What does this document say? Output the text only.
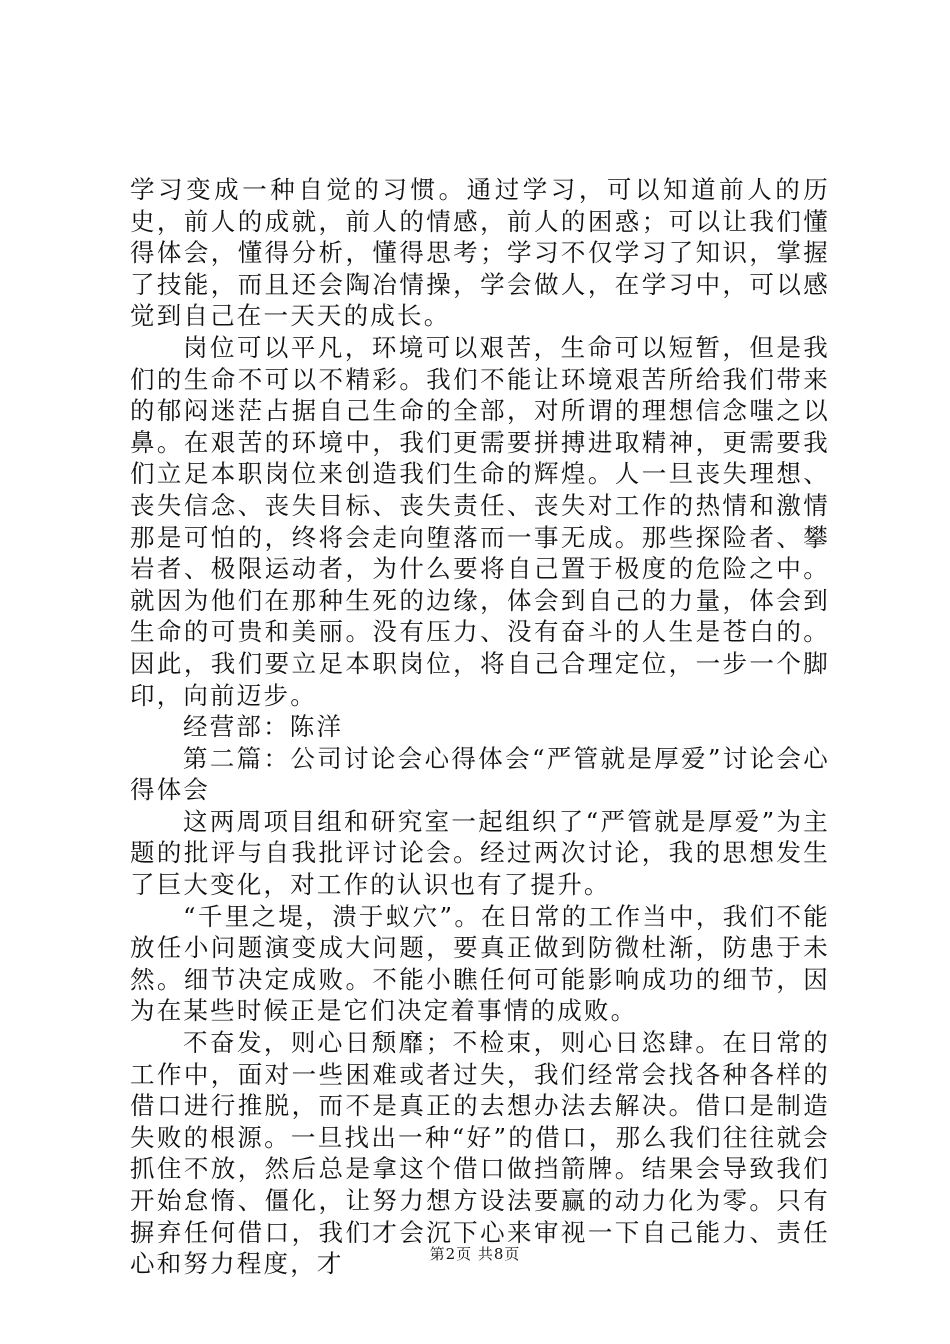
学习变成一种自觉的习惯。通过学习，可以知道前人的历史，前人的成就，前人的情感，前人的困惑；可以让我们懂得体会，懂得分析，懂得思考；学习不仅学习了知识，掌握了技能，而且还会陶冶情操，学会做人，在学习中，可以感觉到自己在一天天的成长。

岗位可以平凡，环境可以艰苦，生命可以短暂，但是我们的生命不可以不精彩。我们不能让环境艰苦所给我们带来的郁闷迷茫占据自己生命的全部，对所谓的理想信念嗤之以鼻。在艰苦的环境中，我们更需要拼搏进取精神，更需要我们立足本职岗位来创造我们生命的辉煌。人一旦丧失理想、丧失信念、丧失目标、丧失责任、丧失对工作的热情和激情那是可怕的，终将会走向堕落而一事无成。那些探险者、攀岩者、极限运动者，为什么要将自己置于极度的危险之中。就因为他们在那种生死的边缘，体会到自己的力量，体会到生命的可贵和美丽。没有压力、没有奋斗的人生是苍白的。因此，我们要立足本职岗位，将自己合理定位，一步一个脚印，向前迈步。

经营部：陈洋

第二篇：公司讨论会心得体会“严管就是厚爱”讨论会心得体会

这两周项目组和研究室一起组织了“严管就是厚爱”为主题的批评与自我批评讨论会。经过两次讨论，我的思想发生了巨大变化，对工作的认识也有了提升。

“千里之堤，溃于蚁穴”。在日常的工作当中，我们不能放任小问题演变成大问题，要真正做到防微杜渐，防患于未然。细节决定成败。不能小瞧任何可能影响成功的细节，因为在某些时候正是它们决定着事情的成败。

不奋发，则心日颓靡；不检束，则心日恣肆。在日常的工作中，面对一些困难或者过失，我们经常会找各种各样的借口进行推脱，而不是真正的去想办法去解决。借口是制造失败的根源。一旦找出一种“好”的借口，那么我们往往就会抓住不放，然后总是拿这个借口做挡箭牌。结果会导致我们开始怠惰、僵化，让努力想方设法要赢的动力化为零。只有摒弃任何借口，我们才会沉下心来审视一下自己能力、责任心和努力程度，才	第2页 共8页
